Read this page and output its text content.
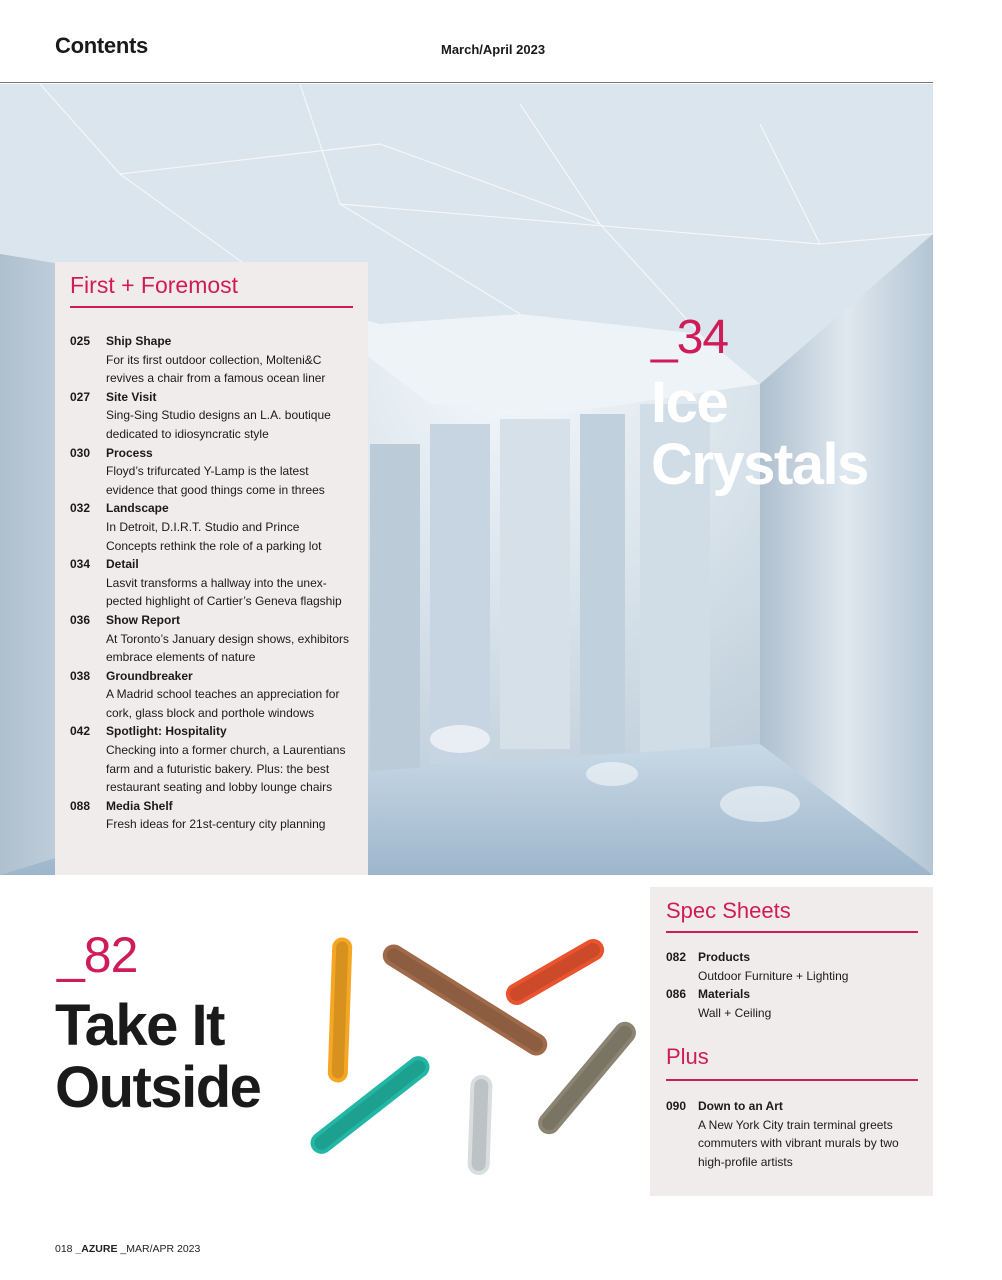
Contents	March/April 2023
First + Foremost
025	Ship Shape
For its first outdoor collection, Molteni&C
revives a chair from a famous ocean liner
027	Site Visit
Sing-Sing Studio designs an L.A. boutique
dedicated to idiosyncratic style
030	Process
Floyd’s trifurcated Y-Lamp is the latest
evidence that good things come in threes
032	Landscape
In Detroit, D.I.R.T. Studio and Prince
Concepts rethink the role of a parking lot
034	Detail
Lasvit transforms a hallway into the unex-
pected highlight of Cartier’s Geneva flagship
036	Show Report
At Toronto’s January design shows, exhibitors
embrace elements of nature
038	Groundbreaker
A Madrid school teaches an appreciation for
cork, glass block and porthole windows
042	Spotlight: Hospitality
Checking into a former church, a Laurentians
farm and a futuristic bakery. Plus: the best
restaurant seating and lobby lounge chairs
088	Media Shelf
Fresh ideas for 21st-century city planning
_34
Ice
Crystals
_82
Take It
Outside
Spec Sheets
082 Products
Outdoor Furniture + Lighting
086 Materials
Wall + Ceiling
Plus
090 Down to an Art
A New York City train terminal greets
commuters with vibrant murals by two
high-profile artists
018 _AZURE _MAR/APR 2023
